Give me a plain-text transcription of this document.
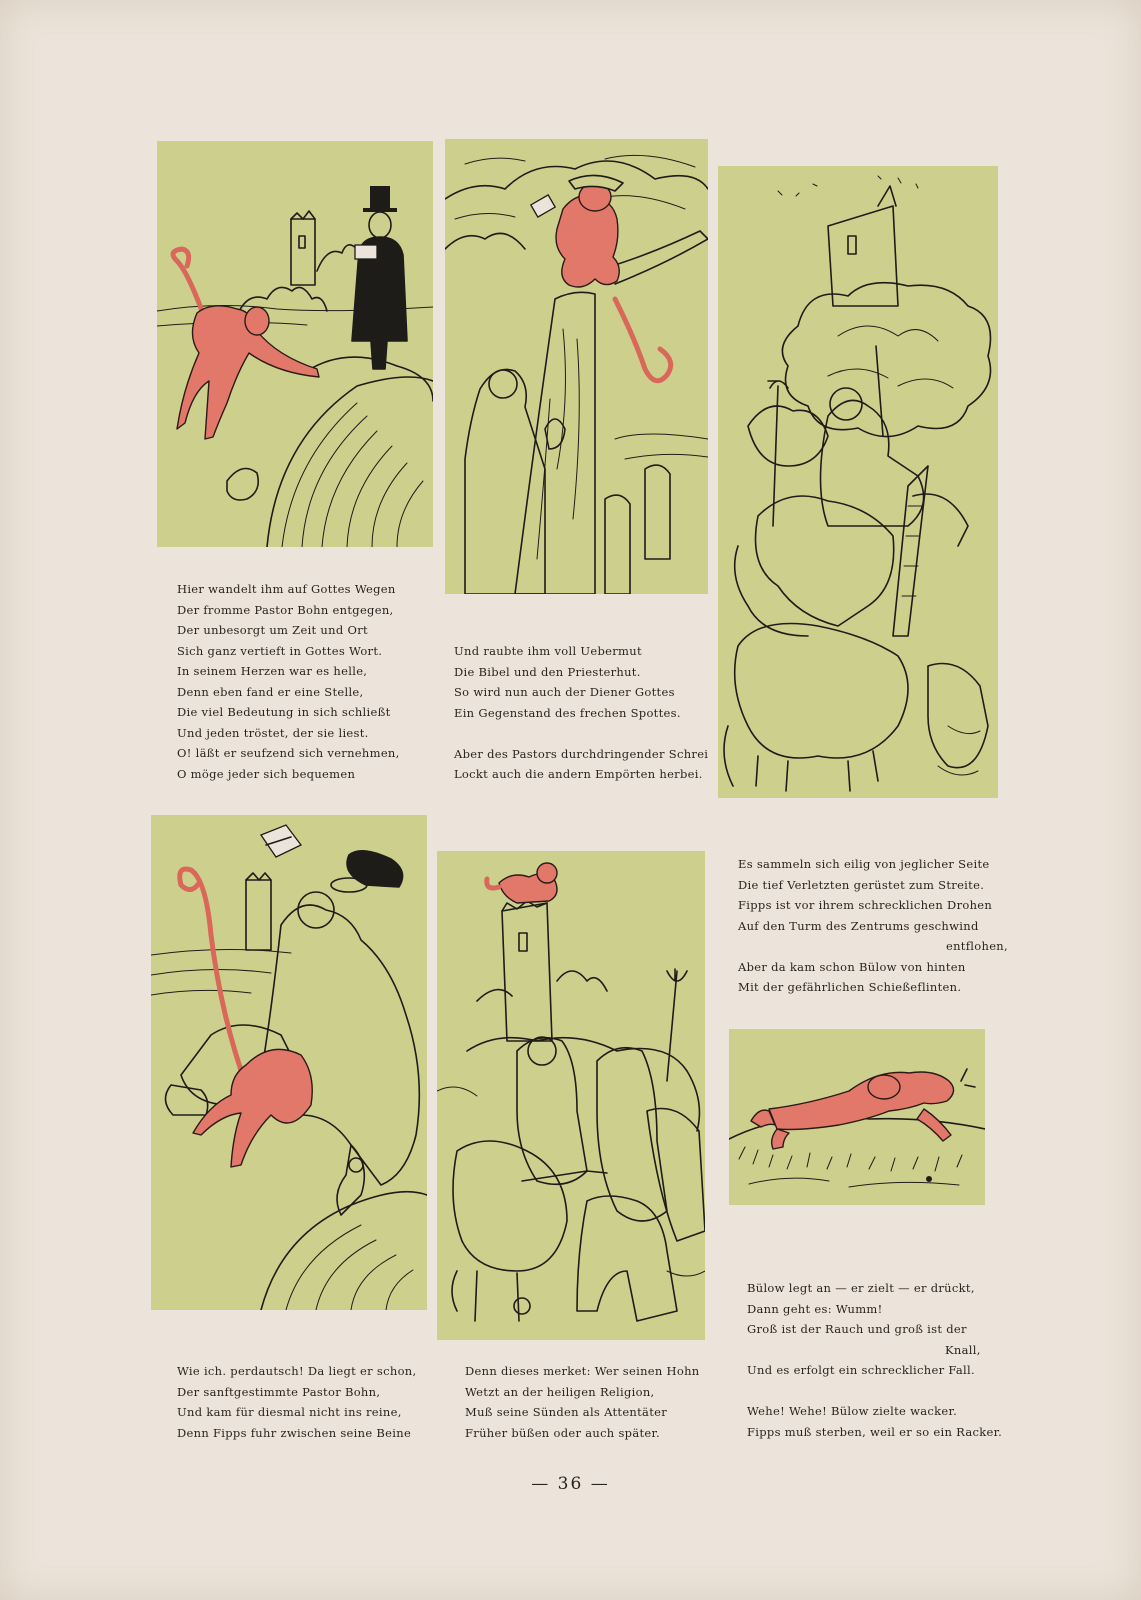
Hier wandelt ihm auf Gottes Wegen
Der fromme Pastor Bohn entgegen,
Der unbesorgt um Zeit und Ort
Sich ganz vertieft in Gottes Wort.
In seinem Herzen war es helle,
Denn eben fand er eine Stelle,
Die viel Bedeutung in sich schließt
Und jeden tröstet, der sie liest.
O! läßt er seufzend sich vernehmen,
O möge jeder sich bequemen
Und raubte ihm voll Uebermut
Die Bibel und den Priesterhut.
So wird nun auch der Diener Gottes
Ein Gegenstand des frechen Spottes.
Aber des Pastors durchdringender Schrei
Lockt auch die andern Empörten herbei.
Es sammeln sich eilig von jeglicher Seite
Die tief Verletzten gerüstet zum Streite.
Fipps ist vor ihrem schrecklichen Drohen
Auf den Turm des Zentrums geschwind
entflohen,
Aber da kam schon Bülow von hinten
Mit der gefährlichen Schießeflinten.
Wie ich. perdautsch! Da liegt er schon,
Der sanftgestimmte Pastor Bohn,
Und kam für diesmal nicht ins reine,
Denn Fipps fuhr zwischen seine Beine
Denn dieses merket: Wer seinen Hohn
Wetzt an der heiligen Religion,
Muß seine Sünden als Attentäter
Früher büßen oder auch später.
Bülow legt an — er zielt — er drückt,
Dann geht es: Wumm!
Groß ist der Rauch und groß ist der
Knall,
Und es erfolgt ein schrecklicher Fall.
Wehe! Wehe! Bülow zielte wacker.
Fipps muß sterben, weil er so ein Racker.
— 36 —
